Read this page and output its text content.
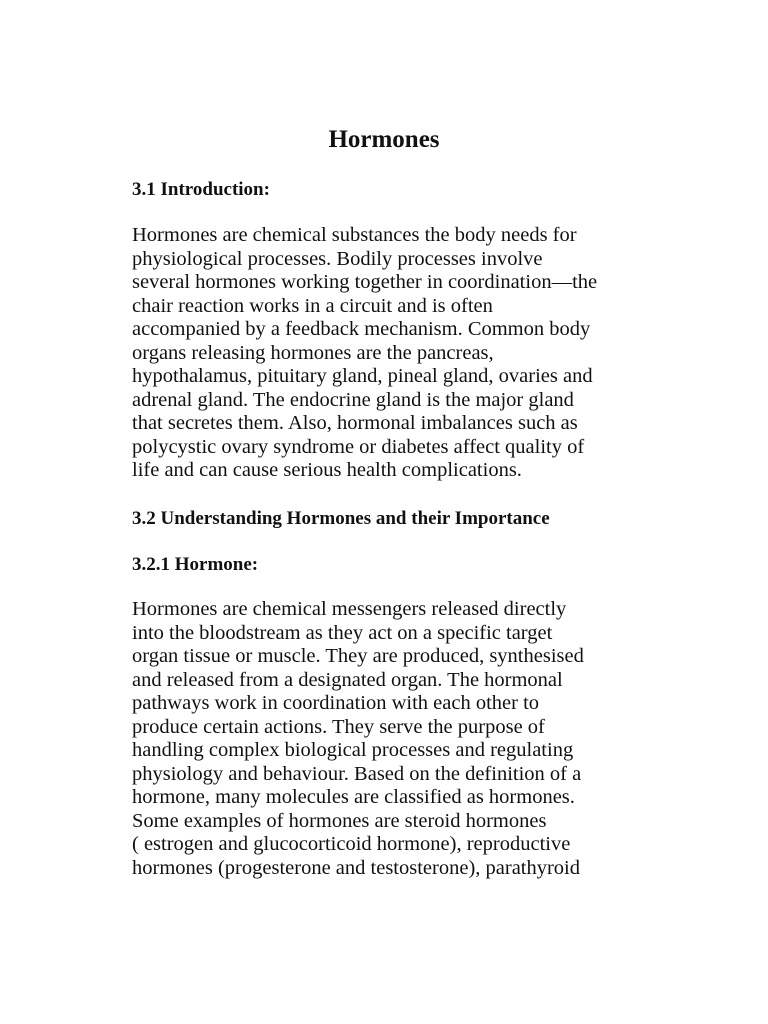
Hormones
3.1 Introduction:

Hormones are chemical substances the body needs for
physiological processes. Bodily processes involve
several hormones working together in coordination—the
chair reaction works in a circuit and is often
accompanied by a feedback mechanism. Common body
organs releasing hormones are the pancreas,
hypothalamus, pituitary gland, pineal gland, ovaries and
adrenal gland. The endocrine gland is the major gland
that secretes them. Also, hormonal imbalances such as
polycystic ovary syndrome or diabetes affect quality of
life and can cause serious health complications.

3.2 Understanding Hormones and their Importance
3.2.1 Hormone:

Hormones are chemical messengers released directly
into the bloodstream as they act on a specific target
organ tissue or muscle. They are produced, synthesised
and released from a designated organ. The hormonal
pathways work in coordination with each other to
produce certain actions. They serve the purpose of
handling complex biological processes and regulating
physiology and behaviour. Based on the definition of a
hormone, many molecules are classified as hormones.
Some examples of hormones are steroid hormones
( estrogen and glucocorticoid hormone), reproductive
hormones (progesterone and testosterone), parathyroid
